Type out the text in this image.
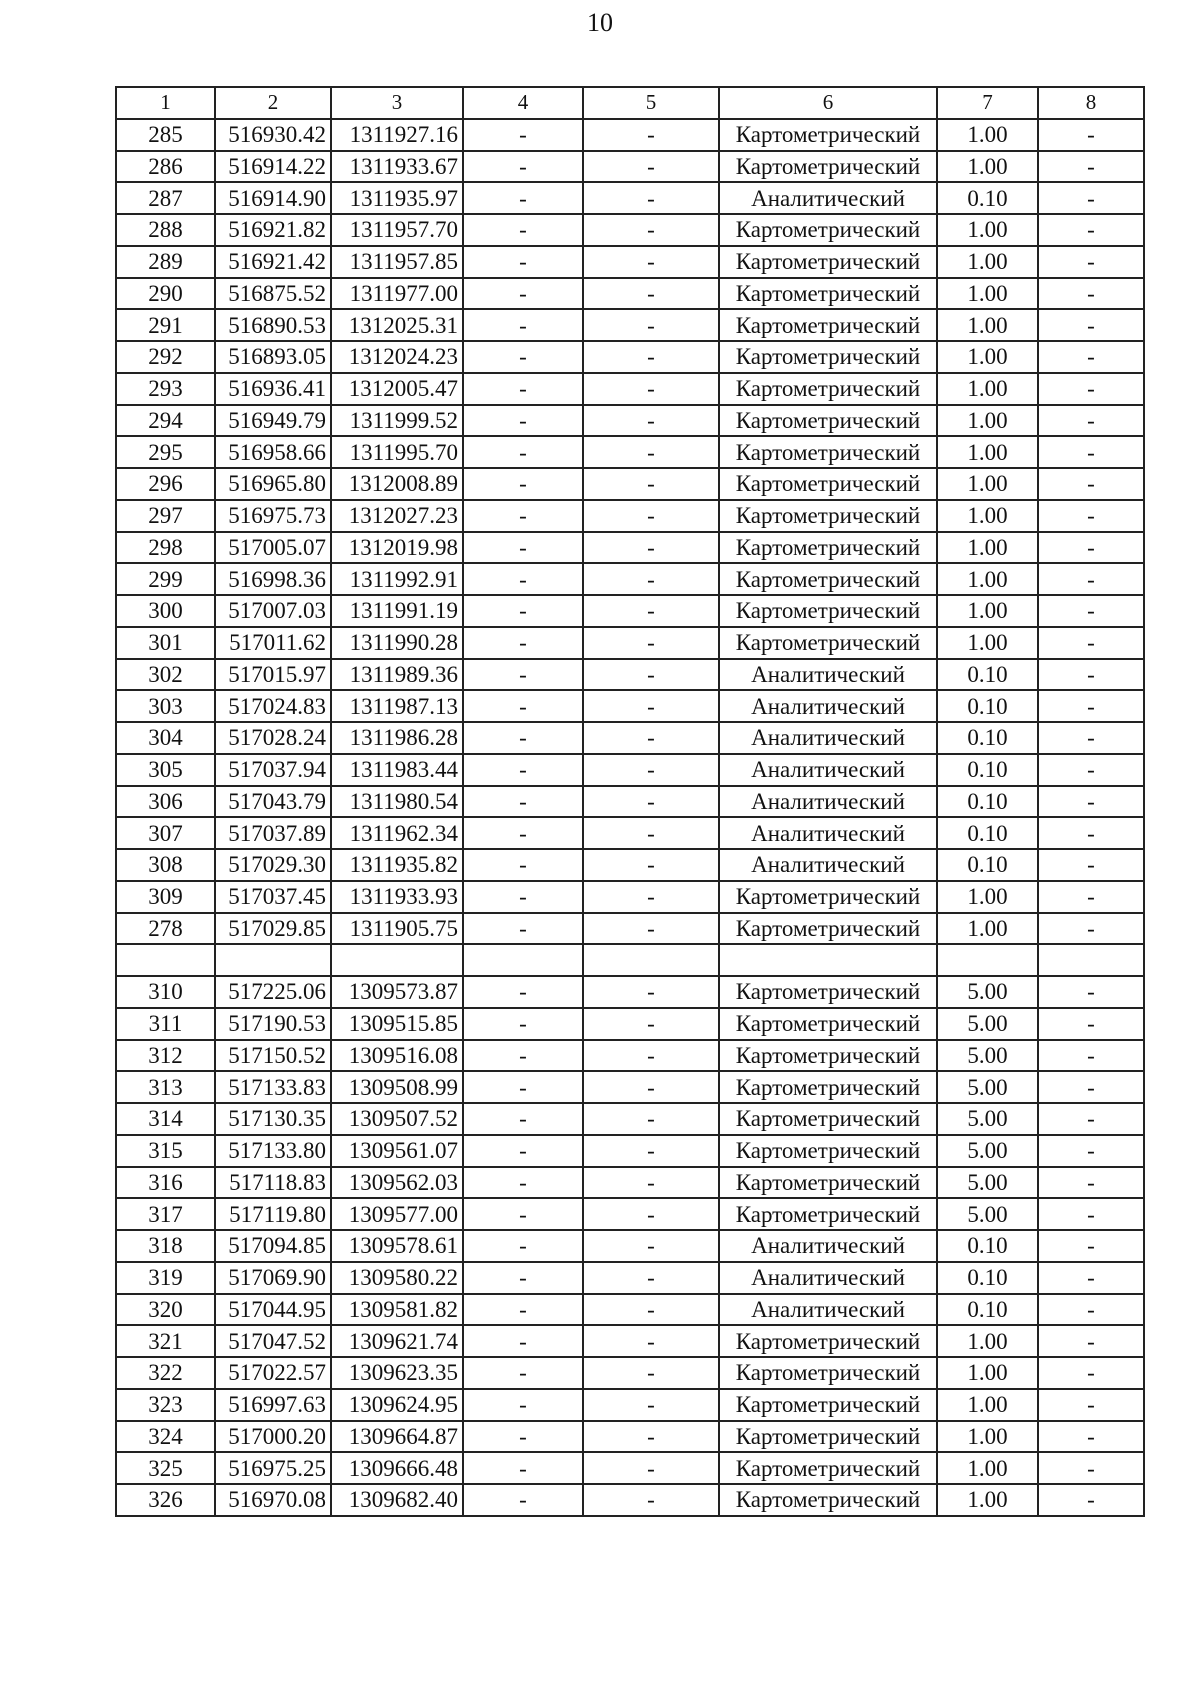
10
1	2	3	4	5	6	7	8
285	516930.42	1311927.16	-	-	Картометрический	1.00	-
286	516914.22	1311933.67	-	-	Картометрический	1.00	-
287	516914.90	1311935.97	-	-	Аналитический	0.10	-
288	516921.82	1311957.70	-	-	Картометрический	1.00	-
289	516921.42	1311957.85	-	-	Картометрический	1.00	-
290	516875.52	1311977.00	-	-	Картометрический	1.00	-
291	516890.53	1312025.31	-	-	Картометрический	1.00	-
292	516893.05	1312024.23	-	-	Картометрический	1.00	-
293	516936.41	1312005.47	-	-	Картометрический	1.00	-
294	516949.79	1311999.52	-	-	Картометрический	1.00	-
295	516958.66	1311995.70	-	-	Картометрический	1.00	-
296	516965.80	1312008.89	-	-	Картометрический	1.00	-
297	516975.73	1312027.23	-	-	Картометрический	1.00	-
298	517005.07	1312019.98	-	-	Картометрический	1.00	-
299	516998.36	1311992.91	-	-	Картометрический	1.00	-
300	517007.03	1311991.19	-	-	Картометрический	1.00	-
301	517011.62	1311990.28	-	-	Картометрический	1.00	-
302	517015.97	1311989.36	-	-	Аналитический	0.10	-
303	517024.83	1311987.13	-	-	Аналитический	0.10	-
304	517028.24	1311986.28	-	-	Аналитический	0.10	-
305	517037.94	1311983.44	-	-	Аналитический	0.10	-
306	517043.79	1311980.54	-	-	Аналитический	0.10	-
307	517037.89	1311962.34	-	-	Аналитический	0.10	-
308	517029.30	1311935.82	-	-	Аналитический	0.10	-
309	517037.45	1311933.93	-	-	Картометрический	1.00	-
278	517029.85	1311905.75	-	-	Картометрический	1.00	-

310	517225.06	1309573.87	-	-	Картометрический	5.00	-
311	517190.53	1309515.85	-	-	Картометрический	5.00	-
312	517150.52	1309516.08	-	-	Картометрический	5.00	-
313	517133.83	1309508.99	-	-	Картометрический	5.00	-
314	517130.35	1309507.52	-	-	Картометрический	5.00	-
315	517133.80	1309561.07	-	-	Картометрический	5.00	-
316	517118.83	1309562.03	-	-	Картометрический	5.00	-
317	517119.80	1309577.00	-	-	Картометрический	5.00	-
318	517094.85	1309578.61	-	-	Аналитический	0.10	-
319	517069.90	1309580.22	-	-	Аналитический	0.10	-
320	517044.95	1309581.82	-	-	Аналитический	0.10	-
321	517047.52	1309621.74	-	-	Картометрический	1.00	-
322	517022.57	1309623.35	-	-	Картометрический	1.00	-
323	516997.63	1309624.95	-	-	Картометрический	1.00	-
324	517000.20	1309664.87	-	-	Картометрический	1.00	-
325	516975.25	1309666.48	-	-	Картометрический	1.00	-
326	516970.08	1309682.40	-	-	Картометрический	1.00	-
